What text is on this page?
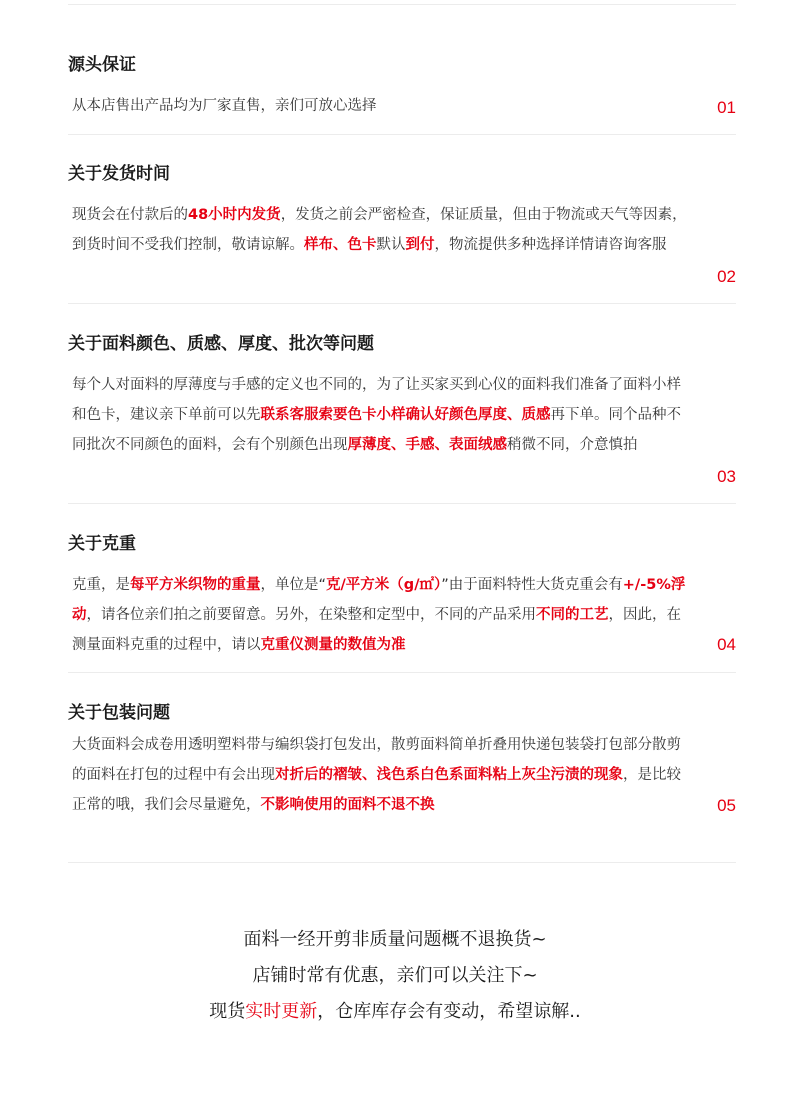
源头保证

从本店售出产品均为厂家直售，亲们可放心选择	01
关于发货时间

现货会在付款后的48小时内发货，发货之前会严密检查，保证质量，但由于物流或天气等因素，到货时间不受我们控制，敬请谅解。样布、色卡默认到付，物流提供多种选择详情请咨询客服

02
关于面料颜色、质感、厚度、批次等问题

每个人对面料的厚薄度与手感的定义也不同的，为了让买家买到心仪的面料我们准备了面料小样和色卡，建议亲下单前可以先联系客服索要色卡小样确认好颜色厚度、质感再下单。同个品种不同批次不同颜色的面料，会有个别颜色出现厚薄度、手感、表面绒感稍微不同，介意慎拍

03
关于克重

克重，是每平方米织物的重量，单位是“克/平方米（g/㎡）”由于面料特性大货克重会有+/-5%浮动，请各位亲们拍之前要留意。另外，在染整和定型中，不同的产品采用不同的工艺，因此，在测量面料克重的过程中，请以克重仪测量的数值为准	04
关于包装问题

大货面料会成卷用透明塑料带与编织袋打包发出，散剪面料简单折叠用快递包装袋打包部分散剪的面料在打包的过程中有会出现对折后的褶皱、浅色系白色系面料粘上灰尘污渍的现象，是比较正常的哦，我们会尽量避免，不影响使用的面料不退不换	05

面料一经开剪非质量问题概不退换货~

店铺时常有优惠，亲们可以关注下~

现货实时更新，仓库库存会有变动，希望谅解..
